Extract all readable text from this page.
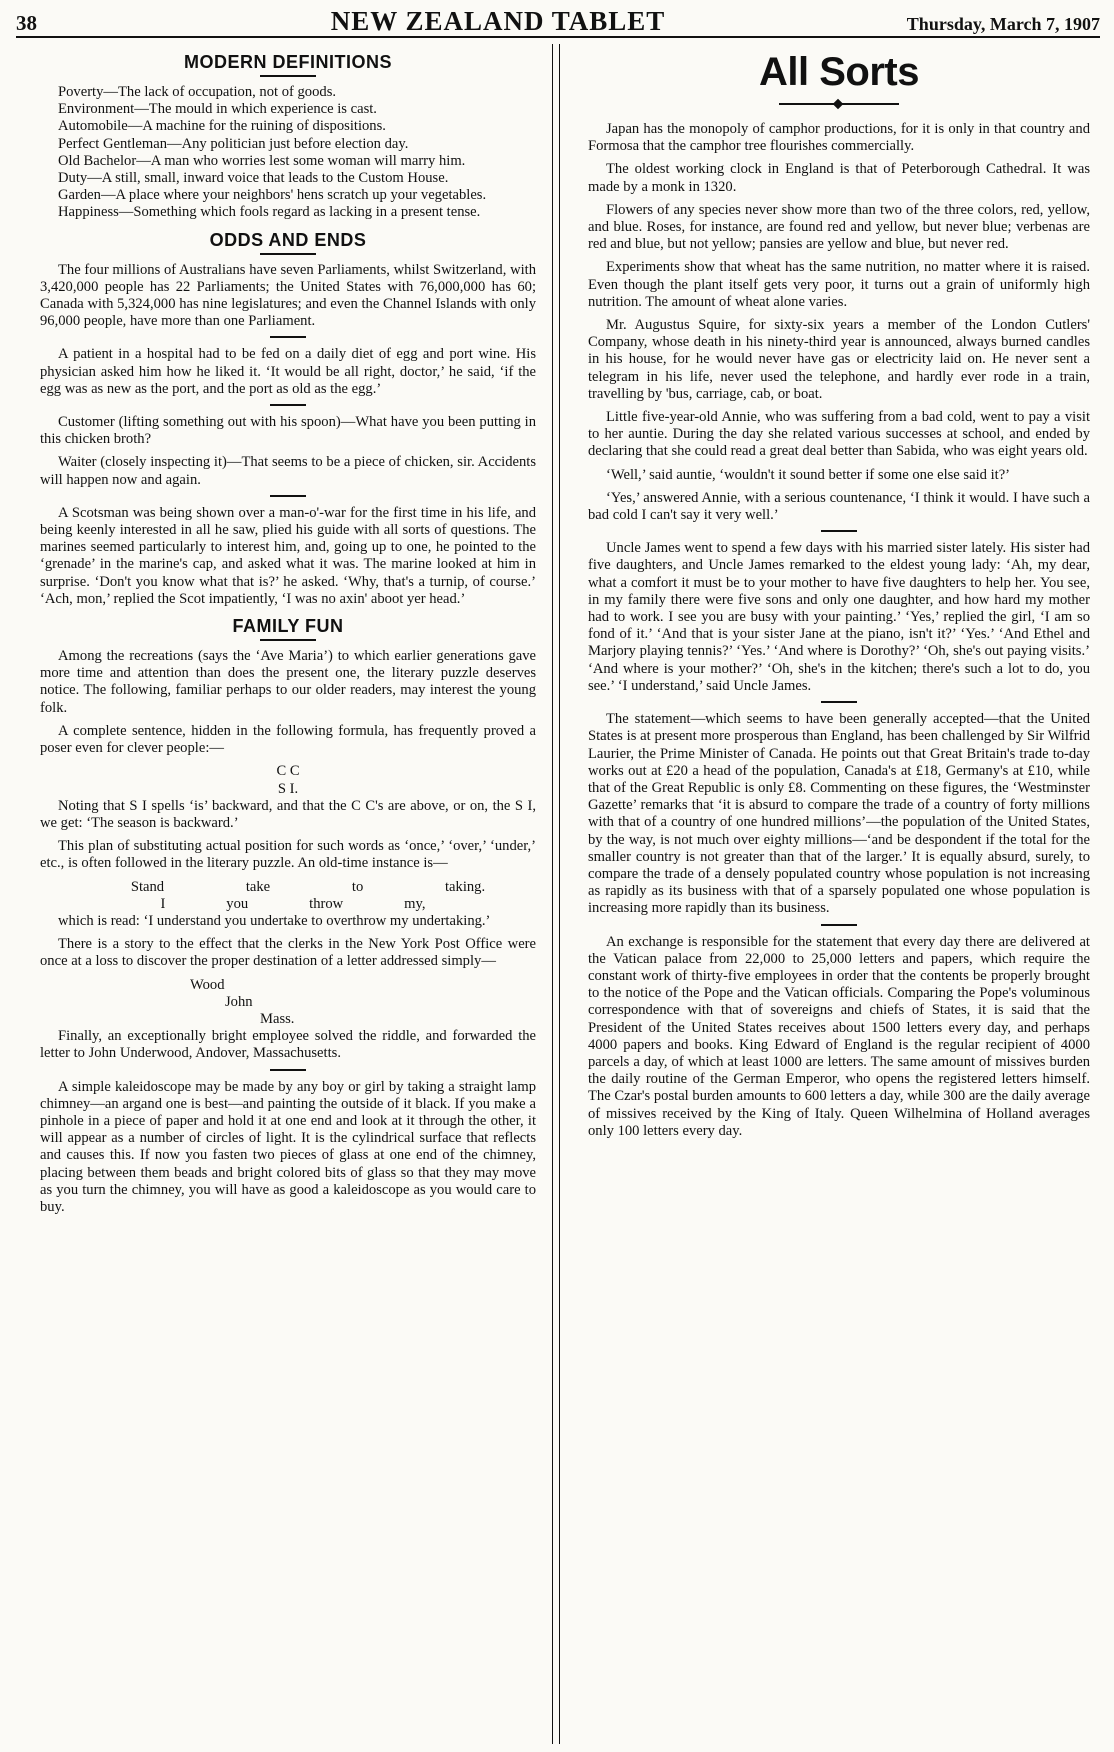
38	NEW ZEALAND TABLET	Thursday, March 7, 1907
MODERN DEFINITIONS

Poverty—The lack of occupation, not of goods.

Environment—The mould in which experience is cast.

Automobile—A machine for the ruining of dispositions.

Perfect Gentleman—Any politician just before election day.

Old Bachelor—A man who worries lest some woman will marry him.

Duty—A still, small, inward voice that leads to the Custom House.

Garden—A place where your neighbors' hens scratch up your vegetables.

Happiness—Something which fools regard as lacking in a present tense.

ODDS AND ENDS

The four millions of Australians have seven Parliaments, whilst Switzerland, with 3,420,000 people has 22 Parliaments; the United States with 76,000,000 has 60; Canada with 5,324,000 has nine legislatures; and even the Channel Islands with only 96,000 people, have more than one Parliament.

A patient in a hospital had to be fed on a daily diet of egg and port wine. His physician asked him how he liked it. ‘It would be all right, doctor,’ he said, ‘if the egg was as new as the port, and the port as old as the egg.’

Customer (lifting something out with his spoon)—What have you been putting in this chicken broth?

Waiter (closely inspecting it)—That seems to be a piece of chicken, sir. Accidents will happen now and again.

A Scotsman was being shown over a man-o'-war for the first time in his life, and being keenly interested in all he saw, plied his guide with all sorts of questions. The marines seemed particularly to interest him, and, going up to one, he pointed to the ‘grenade’ in the marine's cap, and asked what it was. The marine looked at him in surprise. ‘Don't you know what that is?’ he asked. ‘Why, that's a turnip, of course.’ ‘Ach, mon,’ replied the Scot impatiently, ‘I was no axin' aboot yer head.’

FAMILY FUN

Among the recreations (says the ‘Ave Maria’) to which earlier generations gave more time and attention than does the present one, the literary puzzle deserves notice. The following, familiar perhaps to our older readers, may interest the young folk.

A complete sentence, hidden in the following formula, has frequently proved a poser even for clever people:—

C C

S I.

Noting that S I spells ‘is’ backward, and that the C C's are above, or on, the S I, we get: ‘The season is backward.’

This plan of substituting actual position for such words as ‘once,’ ‘over,’ ‘under,’ etc., is often followed in the literary puzzle. An old-time instance is—

Stand	take	to	taking.
I	you	throw	my,

which is read: ‘I understand you undertake to overthrow my undertaking.’

There is a story to the effect that the clerks in the New York Post Office were once at a loss to discover the proper destination of a letter addressed simply—

Wood

John

Mass.

Finally, an exceptionally bright employee solved the riddle, and forwarded the letter to John Underwood, Andover, Massachusetts.

A simple kaleidoscope may be made by any boy or girl by taking a straight lamp chimney—an argand one is best—and painting the outside of it black. If you make a pinhole in a piece of paper and hold it at one end and look at it through the other, it will appear as a number of circles of light. It is the cylindrical surface that reflects and causes this. If now you fasten two pieces of glass at one end of the chimney, placing between them beads and bright colored bits of glass so that they may move as you turn the chimney, you will have as good a kaleidoscope as you would care to buy.

All Sorts

Japan has the monopoly of camphor productions, for it is only in that country and Formosa that the camphor tree flourishes commercially.

The oldest working clock in England is that of Peterborough Cathedral. It was made by a monk in 1320.

Flowers of any species never show more than two of the three colors, red, yellow, and blue. Roses, for instance, are found red and yellow, but never blue; verbenas are red and blue, but not yellow; pansies are yellow and blue, but never red.

Experiments show that wheat has the same nutrition, no matter where it is raised. Even though the plant itself gets very poor, it turns out a grain of uniformly high nutrition. The amount of wheat alone varies.

Mr. Augustus Squire, for sixty-six years a member of the London Cutlers' Company, whose death in his ninety-third year is announced, always burned candles in his house, for he would never have gas or electricity laid on. He never sent a telegram in his life, never used the telephone, and hardly ever rode in a train, travelling by 'bus, carriage, cab, or boat.

Little five-year-old Annie, who was suffering from a bad cold, went to pay a visit to her auntie. During the day she related various successes at school, and ended by declaring that she could read a great deal better than Sabida, who was eight years old.

‘Well,’ said auntie, ‘wouldn't it sound better if some one else said it?’

‘Yes,’ answered Annie, with a serious countenance, ‘I think it would. I have such a bad cold I can't say it very well.’

Uncle James went to spend a few days with his married sister lately. His sister had five daughters, and Uncle James remarked to the eldest young lady: ‘Ah, my dear, what a comfort it must be to your mother to have five daughters to help her. You see, in my family there were five sons and only one daughter, and how hard my mother had to work. I see you are busy with your painting.’ ‘Yes,’ replied the girl, ‘I am so fond of it.’ ‘And that is your sister Jane at the piano, isn't it?’ ‘Yes.’ ‘And Ethel and Marjory playing tennis?’ ‘Yes.’ ‘And where is Dorothy?’ ‘Oh, she's out paying visits.’ ‘And where is your mother?’ ‘Oh, she's in the kitchen; there's such a lot to do, you see.’ ‘I understand,’ said Uncle James.

The statement—which seems to have been generally accepted—that the United States is at present more prosperous than England, has been challenged by Sir Wilfrid Laurier, the Prime Minister of Canada. He points out that Great Britain's trade to-day works out at £20 a head of the population, Canada's at £18, Germany's at £10, while that of the Great Republic is only £8. Commenting on these figures, the ‘Westminster Gazette’ remarks that ‘it is absurd to compare the trade of a country of forty millions with that of a country of one hundred millions’—the population of the United States, by the way, is not much over eighty millions—‘and be despondent if the total for the smaller country is not greater than that of the larger.’ It is equally absurd, surely, to compare the trade of a densely populated country whose population is not increasing as rapidly as its business with that of a sparsely populated one whose population is increasing more rapidly than its business.

An exchange is responsible for the statement that every day there are delivered at the Vatican palace from 22,000 to 25,000 letters and papers, which require the constant work of thirty-five employees in order that the contents be properly brought to the notice of the Pope and the Vatican officials. Comparing the Pope's voluminous correspondence with that of sovereigns and chiefs of States, it is said that the President of the United States receives about 1500 letters every day, and perhaps 4000 papers and books. King Edward of England is the regular recipient of 4000 parcels a day, of which at least 1000 are letters. The same amount of missives burden the daily routine of the German Emperor, who opens the registered letters himself. The Czar's postal burden amounts to 600 letters a day, while 300 are the daily average of missives received by the King of Italy. Queen Wilhelmina of Holland averages only 100 letters every day.
